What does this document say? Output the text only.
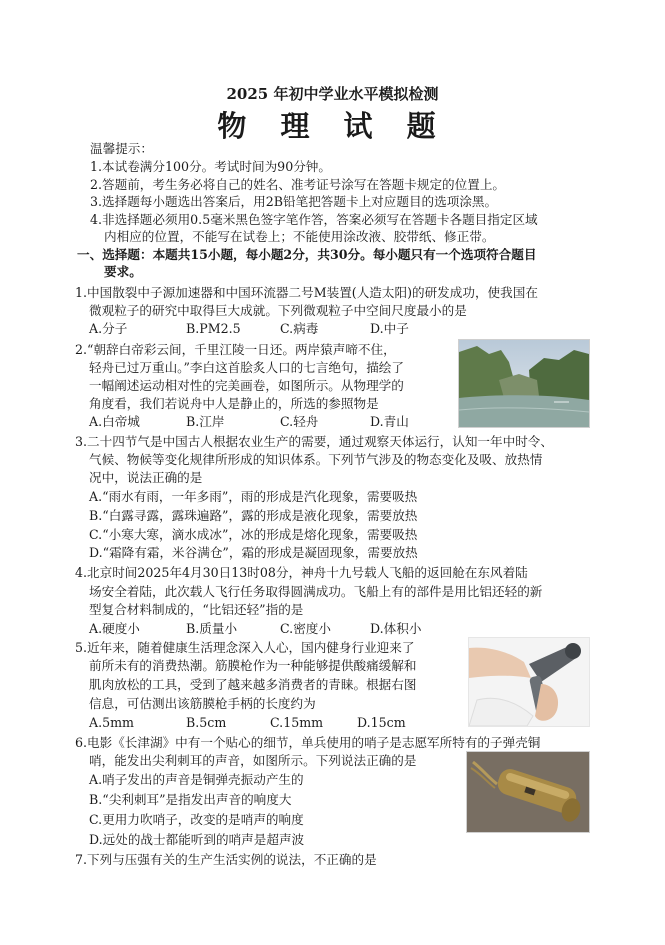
2025 年初中学业水平模拟检测
物 理 试 题
温馨提示：
1.本试卷满分100分。考试时间为90分钟。
2.答题前，考生务必将自己的姓名、准考证号涂写在答题卡规定的位置上。
3.选择题每小题选出答案后，用2B铅笔把答题卡上对应题目的选项涂黑。
4.非选择题必须用0.5毫米黑色签字笔作答，答案必须写在答题卡各题目指定区域
内相应的位置，不能写在试卷上；不能使用涂改液、胶带纸、修正带。
一、选择题：本题共15小题，每小题2分，共30分。每小题只有一个选项符合题目
要求。
1.中国散裂中子源加速器和中国环流器二号M装置(人造太阳)的研发成功，使我国在
微观粒子的研究中取得巨大成就。下列微观粒子中空间尺度最小的是
A.分子	B.PM2.5	C.病毒	D.中子
2.“朝辞白帝彩云间，千里江陵一日还。两岸猿声啼不住，
轻舟已过万重山。”李白这首脍炙人口的七言绝句，描绘了
一幅阐述运动相对性的完美画卷，如图所示。从物理学的
角度看，我们若说舟中人是静止的，所选的参照物是
A.白帝城	B.江岸	C.轻舟	D.青山
3.二十四节气是中国古人根据农业生产的需要，通过观察天体运行，认知一年中时令、
气候、物候等变化规律所形成的知识体系。下列节气涉及的物态变化及吸、放热情
况中，说法正确的是
A.“雨水有雨，一年多雨”，雨的形成是汽化现象，需要吸热
B.“白露寻露，露珠遍路”，露的形成是液化现象，需要放热
C.“小寒大寒，滴水成冰”，冰的形成是熔化现象，需要吸热
D.“霜降有霜，米谷满仓”，霜的形成是凝固现象，需要放热
4.北京时间2025年4月30日13时08分，神舟十九号载人飞船的返回舱在东风着陆
场安全着陆，此次载人飞行任务取得圆满成功。飞船上有的部件是用比铝还轻的新
型复合材料制成的，“比铝还轻”指的是
A.硬度小	B.质量小	C.密度小	D.体积小
5.近年来，随着健康生活理念深入人心，国内健身行业迎来了
前所未有的消费热潮。筋膜枪作为一种能够提供酸痛缓解和
肌肉放松的工具，受到了越来越多消费者的青睐。根据右图
信息，可估测出该筋膜枪手柄的长度约为
A.5mm	B.5cm	C.15mm	D.15cm
6.电影《长津湖》中有一个贴心的细节，单兵使用的哨子是志愿军所特有的子弹壳铜
哨，能发出尖利刺耳的声音，如图所示。下列说法正确的是
A.哨子发出的声音是铜弹壳振动产生的
B.“尖利刺耳”是指发出声音的响度大
C.更用力吹哨子，改变的是哨声的响度
D.远处的战士都能听到的哨声是超声波
7.下列与压强有关的生产生活实例的说法，不正确的是
